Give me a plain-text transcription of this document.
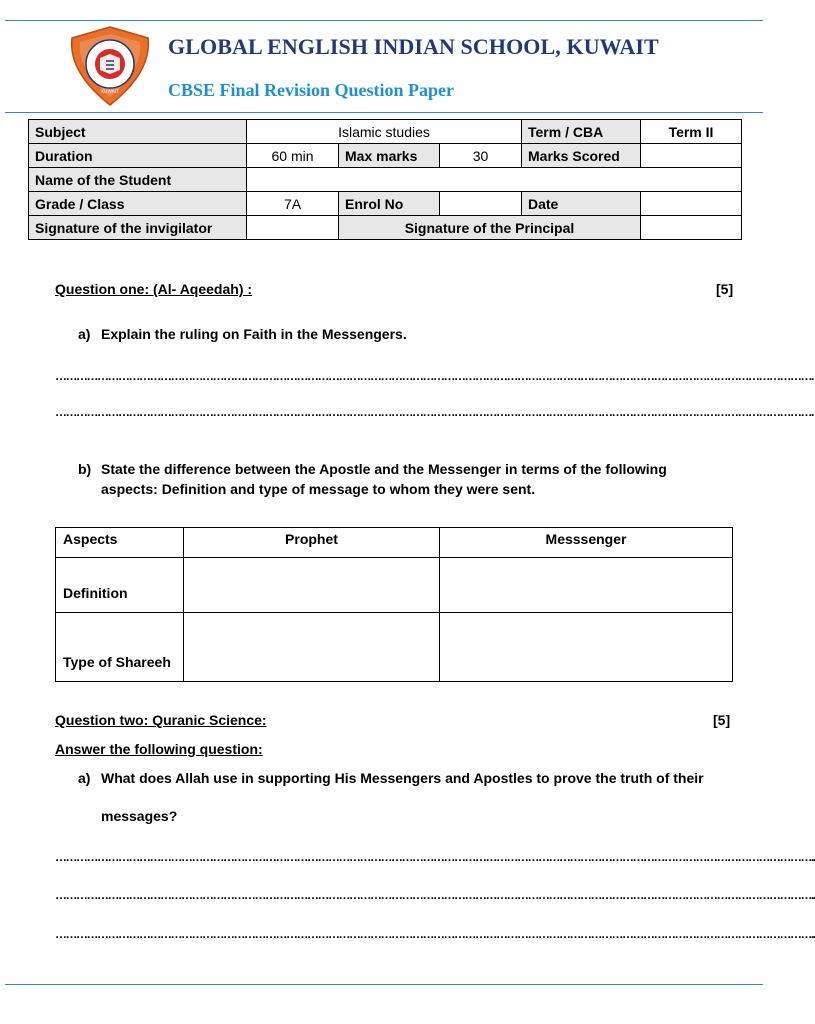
KUWAIT
GLOBAL ENGLISH INDIAN SCHOOL, KUWAIT
CBSE Final Revision Question Paper
Subject	Islamic studies			Term / CBA	Term II
Duration	60 min	Max marks	30	Marks Scored	
Name of the Student					
Grade / Class	7A	Enrol No		Date	
Signature of the invigilator		Signature of the Principal			
Question one: (Al- Aqeedah) :	[5]
a) Explain the ruling on Faith in the Messengers.
……………………………………………………………………………………………………………………………………………………………………………………………….
……………………………………………………………………………………………………………………………………………………………………………………………….
b) State the difference between the Apostle and the Messenger in terms of the following
aspects: Definition and type of message to whom they were sent.
Aspects	Prophet	Messsenger
Definition		
Type of Shareeh		
Question two: Quranic Science:	[5]
Answer the following question:
a) What does Allah use in supporting His Messengers and Apostles to prove the truth of their
messages?
………………………………………………………………………………………………………………………………………………………………………………………………..
………………………………………………………………………………………………………………………………………………………………………………………………..
………………………………………………………………………………………………………………………………………………………………………………………………..
